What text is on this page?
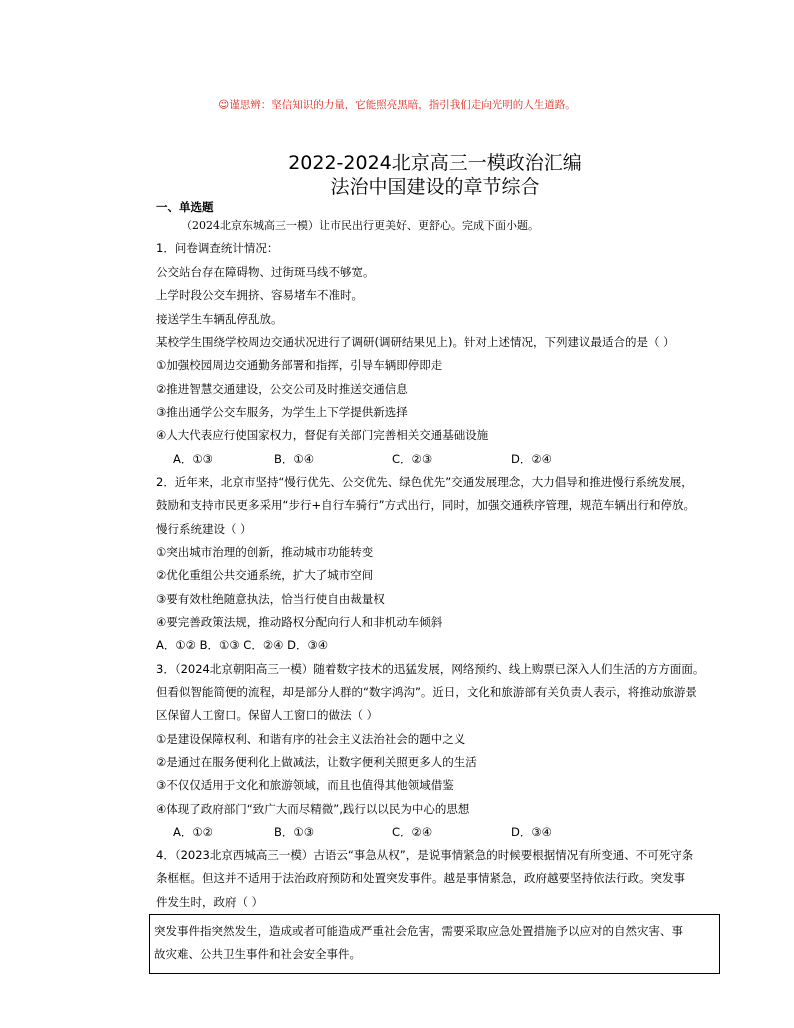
☺谨思辨：坚信知识的力量，它能照亮黑暗，指引我们走向光明的人生道路。
2022-2024北京高三一模政治汇编
法治中国建设的章节综合
一、单选题
（2024北京东城高三一模）让市民出行更美好、更舒心。完成下面小题。
1．问卷调查统计情况：
公交站台存在障碍物、过街斑马线不够宽。
上学时段公交车拥挤、容易堵车不准时。
接送学生车辆乱停乱放。
某校学生围绕学校周边交通状况进行了调研(调研结果见上)。针对上述情况，下列建议最适合的是（ ）
①加强校园周边交通勤务部署和指挥，引导车辆即停即走
②推进智慧交通建设，公交公司及时推送交通信息
③推出通学公交车服务，为学生上下学提供新选择
④人大代表应行使国家权力，督促有关部门完善相关交通基础设施
A．①③	B．①④	C．②③	D．②④
2．近年来，北京市坚持“慢行优先、公交优先、绿色优先”交通发展理念，大力倡导和推进慢行系统发展，
鼓励和支持市民更多采用“步行+自行车骑行”方式出行，同时，加强交通秩序管理，规范车辆出行和停放。
慢行系统建设（ ）
①突出城市治理的创新，推动城市功能转变
②优化重组公共交通系统，扩大了城市空间
③要有效杜绝随意执法，恰当行使自由裁量权
④要完善政策法规，推动路权分配向行人和非机动车倾斜
A．①② B．①③ C．②④ D．③④
3．（2024北京朝阳高三一模）随着数字技术的迅猛发展，网络预约、线上购票已深入人们生活的方方面面。
但看似智能简便的流程，却是部分人群的“数字鸿沟”。近日，文化和旅游部有关负责人表示，将推动旅游景
区保留人工窗口。保留人工窗口的做法（ ）
①是建设保障权利、和谐有序的社会主义法治社会的题中之义
②是通过在服务便利化上做减法，让数字便利关照更多人的生活
③不仅仅适用于文化和旅游领域，而且也值得其他领域借鉴
④体现了政府部门“致广大而尽精微”,践行以以民为中心的思想
A．①②	B．①③	C．②④	D．③④
4．（2023北京西城高三一模）古语云“事急从权”，是说事情紧急的时候要根据情况有所变通、不可死守条
条框框。但这并不适用于法治政府预防和处置突发事件。越是事情紧急，政府越要坚持依法行政。突发事
件发生时，政府（ ）
突发事件指突然发生，造成或者可能造成严重社会危害，需要采取应急处置措施予以应对的自然灾害、事
故灾难、公共卫生事件和社会安全事件。
